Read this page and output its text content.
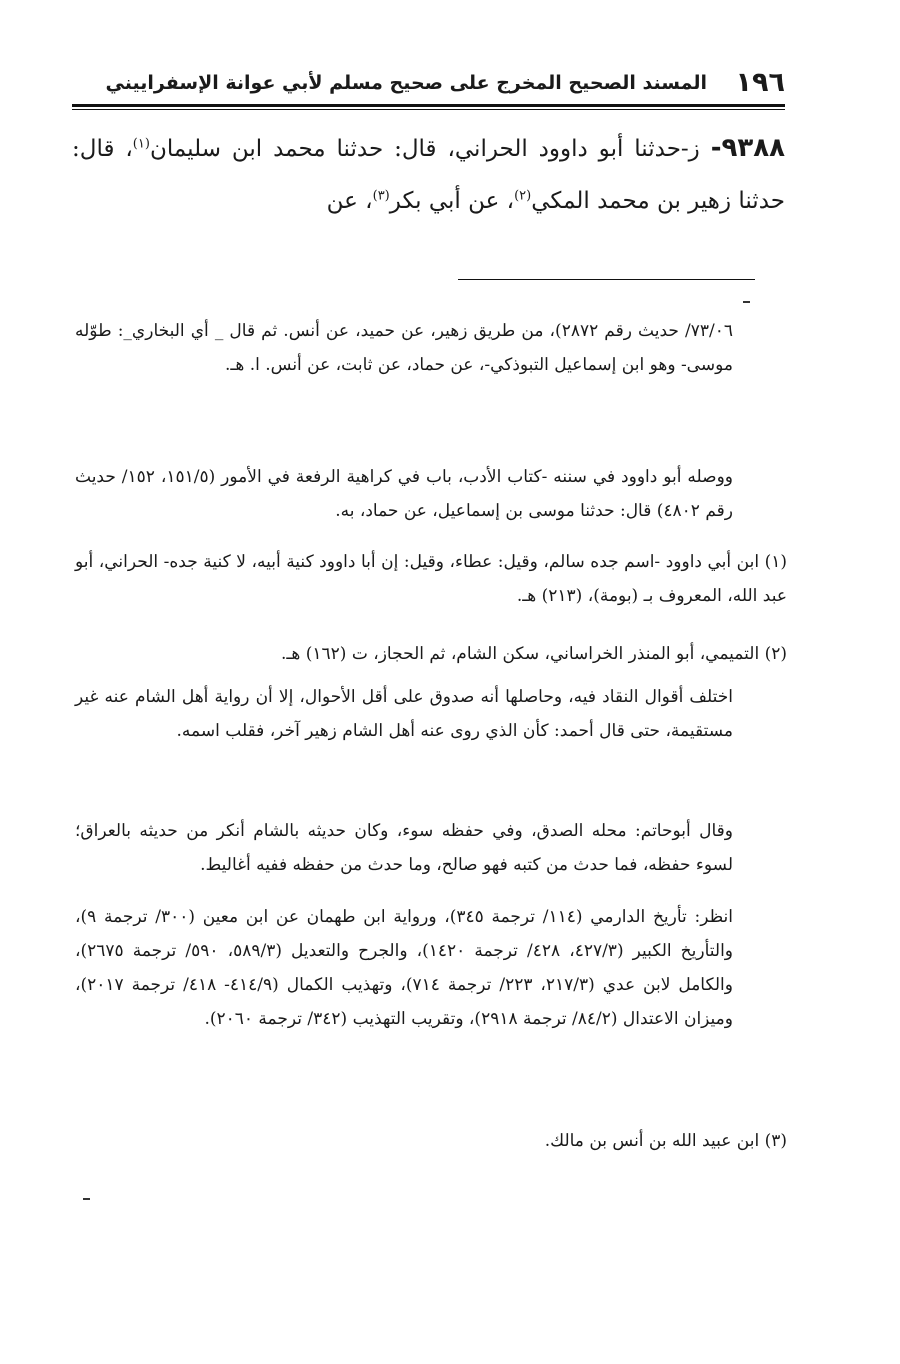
١٩٦
المسند الصحيح المخرج على صحيح مسلم لأبي عوانة الإسفراييني
٩٣٨٨- ز-حدثنا أبو داوود الحراني، قال: حدثنا محمد ابن سليمان$^{(١)}$، قال: حدثنا زهير بن محمد المكي$^{(٢)}$، عن أبي بكر$^{(٣)}$، عن
٧٣/٠٦/ حديث رقم ٢٨٧٢)، من طريق زهير، عن حميد، عن أنس. ثم قال _ أي البخاري_: طوّله موسى- وهو ابن إسماعيل التبوذكي-، عن حماد، عن ثابت، عن أنس. ا. هـ.
ووصله أبو داوود في سننه -كتاب الأدب، باب في كراهية الرفعة في الأمور (١٥١/٥، ١٥٢/ حديث رقم ٤٨٠٢) قال: حدثنا موسى بن إسماعيل، عن حماد، به.
(١) ابن أبي داوود -اسم جده سالم، وقيل: عطاء، وقيل: إن أبا داوود كنية أبيه، لا كنية جده- الحراني، أبو عبد الله، المعروف بـ (بومة)، (٢١٣) هـ.
(٢) التميمي، أبو المنذر الخراساني، سكن الشام، ثم الحجاز، ت (١٦٢) هـ.
اختلف أقوال النقاد فيه، وحاصلها أنه صدوق على أقل الأحوال، إلا أن رواية أهل الشام عنه غير مستقيمة، حتى قال أحمد: كأن الذي روى عنه أهل الشام زهير آخر، فقلب اسمه.
وقال أبوحاتم: محله الصدق، وفي حفظه سوء، وكان حديثه بالشام أنكر من حديثه بالعراق؛ لسوء حفظه، فما حدث من كتبه فهو صالح، وما حدث من حفظه ففيه أغاليط.
انظر: تأريخ الدارمي (١١٤/ ترجمة ٣٤٥)، ورواية ابن طهمان عن ابن معين (٣٠٠/ ترجمة ٩)، والتأريخ الكبير (٤٢٧/٣، ٤٢٨/ ترجمة ١٤٢٠)، والجرح والتعديل (٥٨٩/٣، ٥٩٠/ ترجمة ٢٦٧٥)، والكامل لابن عدي (٢١٧/٣، ٢٢٣/ ترجمة ٧١٤)، وتهذيب الكمال (٤١٤/٩- ٤١٨/ ترجمة ٢٠١٧)، وميزان الاعتدال (٨٤/٢/ ترجمة ٢٩١٨)، وتقريب التهذيب (٣٤٢/ ترجمة ٢٠٦٠).
(٣) ابن عبيد الله بن أنس بن مالك.
